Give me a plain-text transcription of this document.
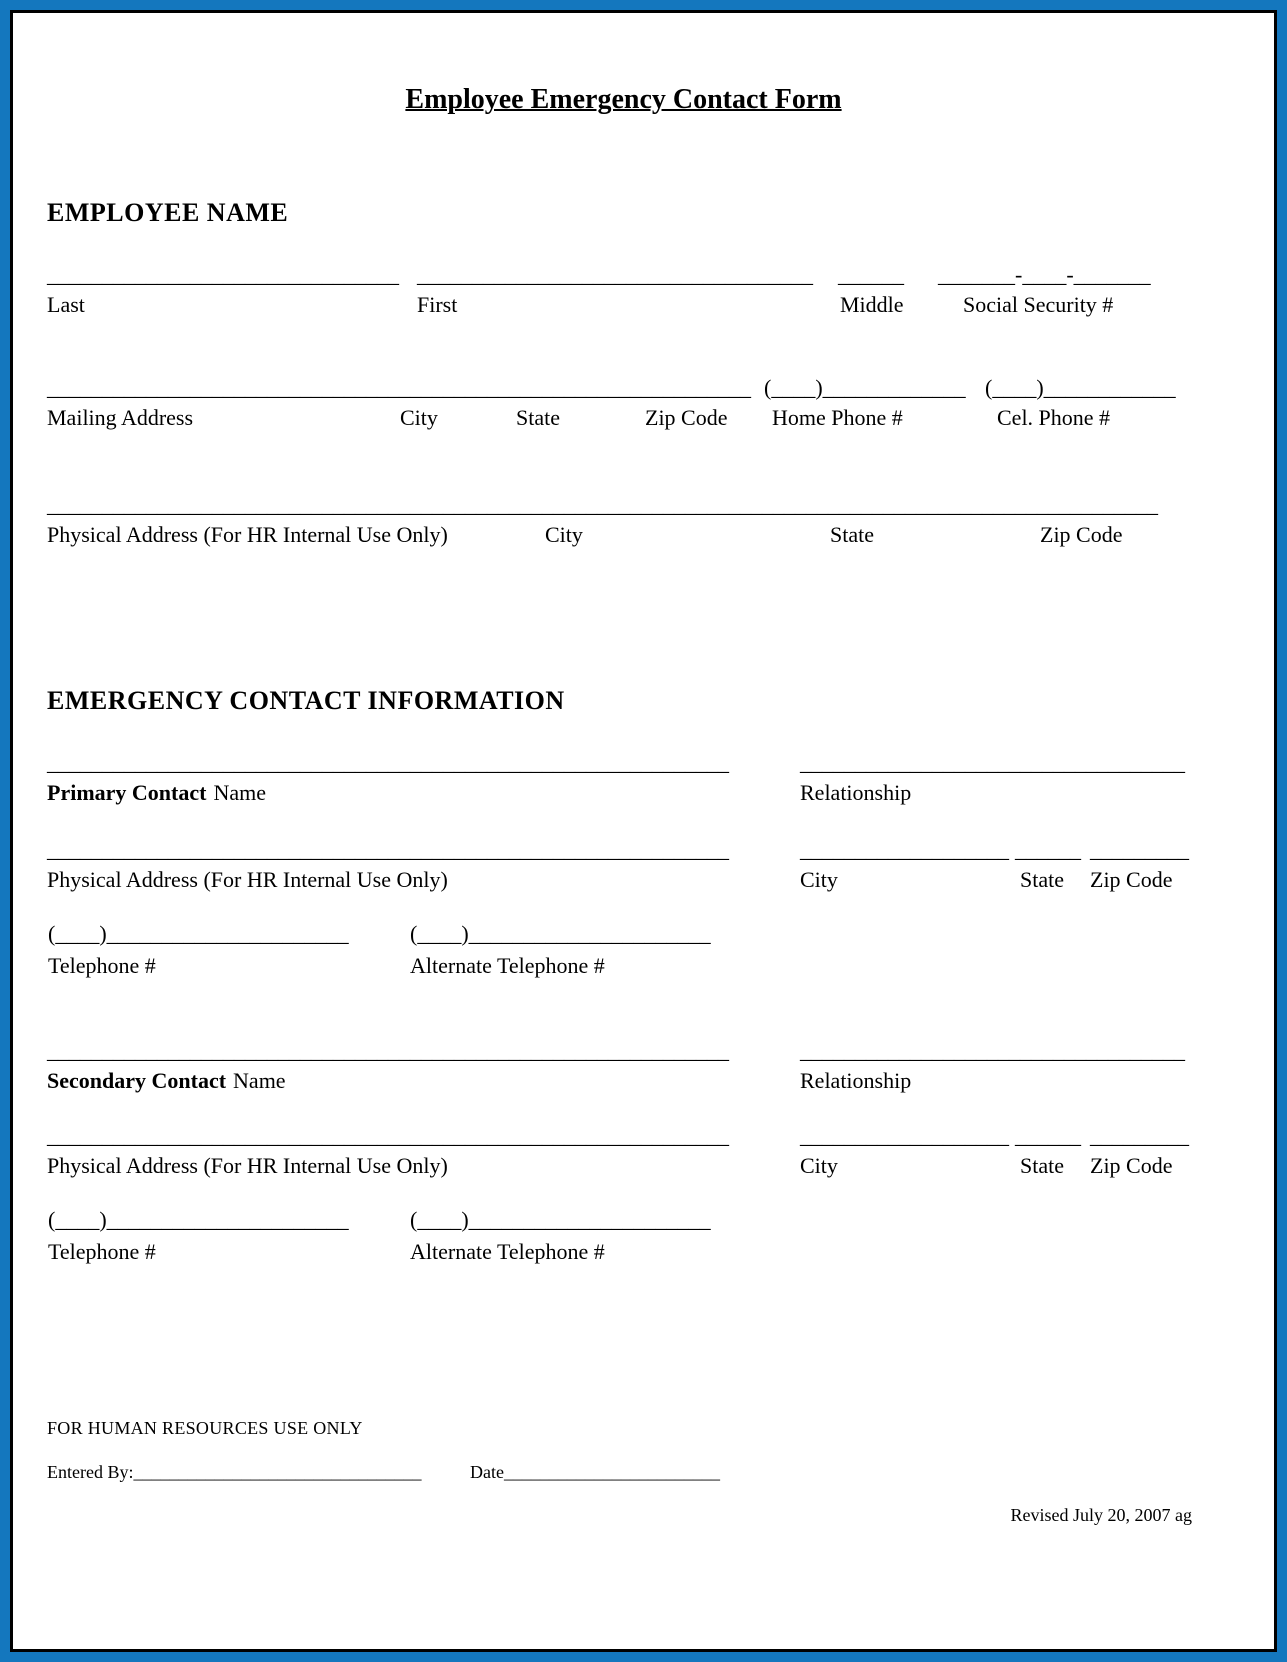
Employee Emergency Contact Form
EMPLOYEE NAME
________________________________ ____________________________________ ______ _______-____-_______
Last	First	Middle	Social Security #
________________________________________________________________ (____)_____________ (____)____________
Mailing Address	City	State	Zip Code Home Phone #	Cel. Phone #
_____________________________________________________________________________________________________
Physical Address (For HR Internal Use Only)	City	State	Zip Code
EMERGENCY CONTACT INFORMATION
______________________________________________________________	___________________________________
Primary Contact Name	Relationship
______________________________________________________________	___________________ ______ _________
Physical Address (For HR Internal Use Only)	City	State Zip Code
(____)______________________	(____)______________________
Telephone #	Alternate Telephone #
______________________________________________________________	___________________________________
Secondary Contact Name	Relationship
______________________________________________________________	___________________ ______ _________
Physical Address (For HR Internal Use Only)	City	State Zip Code
(____)______________________	(____)______________________
Telephone #	Alternate Telephone #
FOR HUMAN RESOURCES USE ONLY
Entered By:________________________________	Date________________________
Revised July 20, 2007 ag
